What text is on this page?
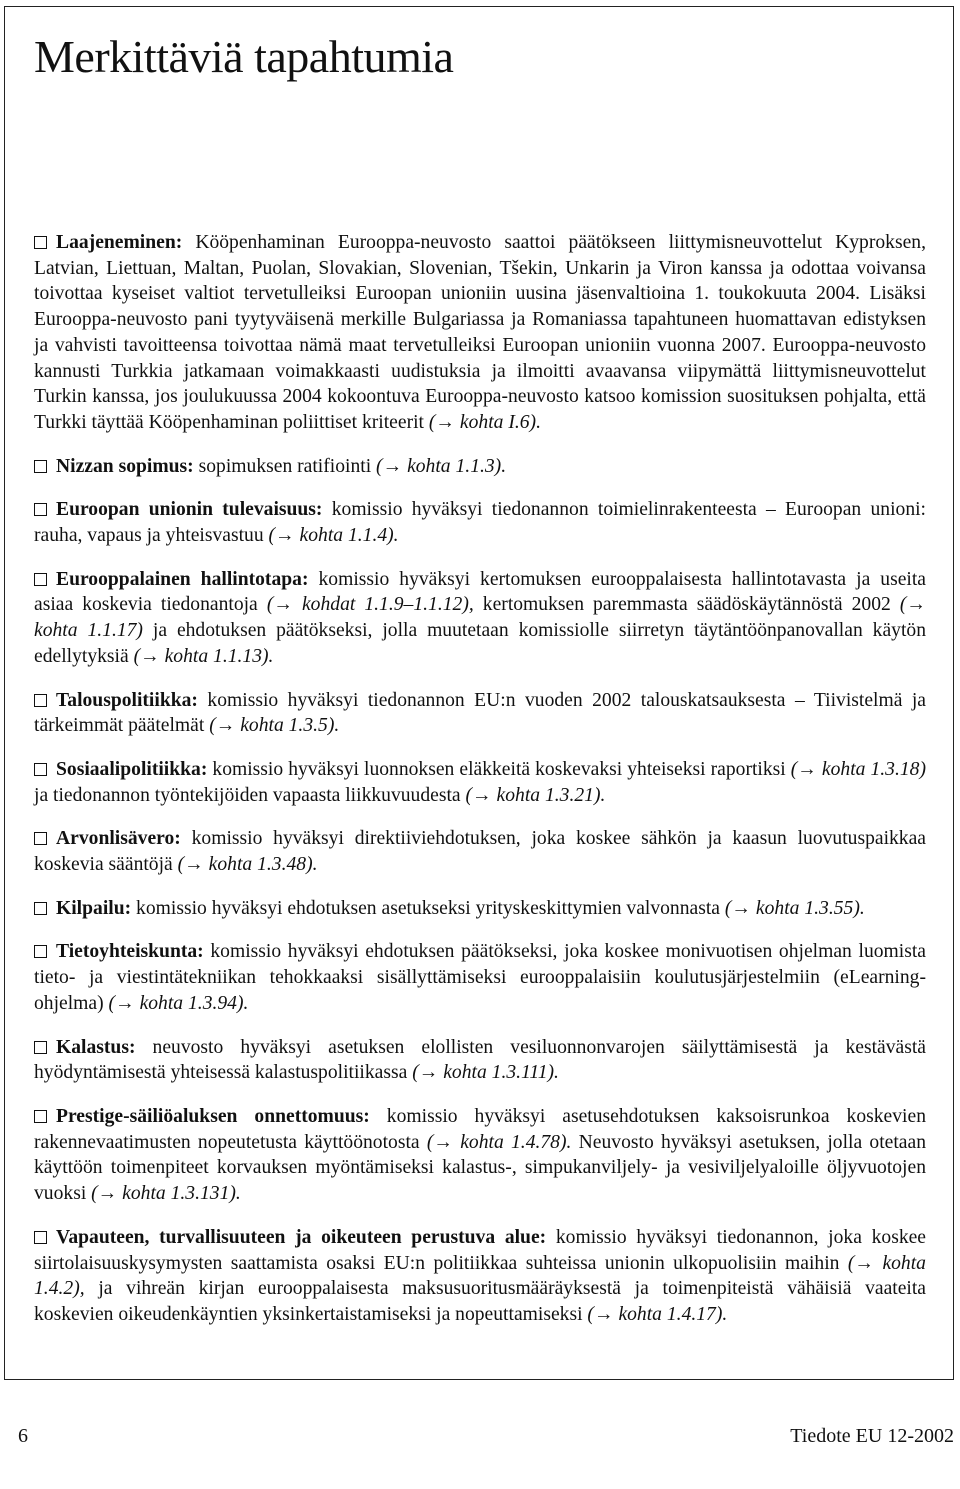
Merkittäviä tapahtumia

Laajeneminen: Kööpenhaminan Eurooppa-neuvosto saattoi päätökseen liittymisneuvottelut Kyproksen, Latvian, Liettuan, Maltan, Puolan, Slovakian, Slovenian, Tšekin, Unkarin ja Viron kanssa ja odottaa voivansa toivottaa kyseiset valtiot tervetulleiksi Euroopan unioniin uusina jäsenvaltioina 1. toukokuuta 2004. Lisäksi Eurooppa-neuvosto pani tyytyväisenä merkille Bulgariassa ja Romaniassa tapahtuneen huomattavan edistyksen ja vahvisti tavoitteensa toivottaa nämä maat tervetulleiksi Euroopan unioniin vuonna 2007. Eurooppa-neuvosto kannusti Turkkia jatkamaan voimakkaasti uudistuksia ja ilmoitti avaavansa viipymättä liittymisneuvottelut Turkin kanssa, jos joulukuussa 2004 kokoontuva Eurooppa-neuvosto katsoo komission suosituksen pohjalta, että Turkki täyttää Kööpenhaminan poliittiset kriteerit (→ kohta I.6).

Nizzan sopimus: sopimuksen ratifiointi (→ kohta 1.1.3).

Euroopan unionin tulevaisuus: komissio hyväksyi tiedonannon toimielinrakenteesta – Euroopan unioni: rauha, vapaus ja yhteisvastuu (→ kohta 1.1.4).

Eurooppalainen hallintotapa: komissio hyväksyi kertomuksen eurooppalaisesta hallintotavasta ja useita asiaa koskevia tiedonantoja (→ kohdat 1.1.9–1.1.12), kertomuksen paremmasta säädöskäytännöstä 2002 (→ kohta 1.1.17) ja ehdotuksen päätökseksi, jolla muutetaan komissiolle siirretyn täytäntöönpanovallan käytön edellytyksiä (→ kohta 1.1.13).

Talouspolitiikka: komissio hyväksyi tiedonannon EU:n vuoden 2002 talouskatsauksesta – Tiivistelmä ja tärkeimmät päätelmät (→ kohta 1.3.5).

Sosiaalipolitiikka: komissio hyväksyi luonnoksen eläkkeitä koskevaksi yhteiseksi raportiksi (→ kohta 1.3.18) ja tiedonannon työntekijöiden vapaasta liikkuvuudesta (→ kohta 1.3.21).

Arvonlisävero: komissio hyväksyi direktiiviehdotuksen, joka koskee sähkön ja kaasun luovutuspaikkaa koskevia sääntöjä (→ kohta 1.3.48).

Kilpailu: komissio hyväksyi ehdotuksen asetukseksi yrityskeskittymien valvonnasta (→ kohta 1.3.55).

Tietoyhteiskunta: komissio hyväksyi ehdotuksen päätökseksi, joka koskee monivuotisen ohjelman luomista tieto- ja viestintätekniikan tehokkaaksi sisällyttämiseksi eurooppalaisiin koulutusjärjestelmiin (eLearning-ohjelma) (→ kohta 1.3.94).

Kalastus: neuvosto hyväksyi asetuksen elollisten vesiluonnonvarojen säilyttämisestä ja kestävästä hyödyntämisestä yhteisessä kalastuspolitiikassa (→ kohta 1.3.111).

Prestige-säiliöaluksen onnettomuus: komissio hyväksyi asetusehdotuksen kaksoisrunkoa koskevien rakennevaatimusten nopeutetusta käyttöönotosta (→ kohta 1.4.78). Neuvosto hyväksyi asetuksen, jolla otetaan käyttöön toimenpiteet korvauksen myöntämiseksi kalastus-, simpukanviljely- ja vesiviljelyaloille öljyvuotojen vuoksi (→ kohta 1.3.131).

Vapauteen, turvallisuuteen ja oikeuteen perustuva alue: komissio hyväksyi tiedonannon, joka koskee siirtolaisuuskysymysten saattamista osaksi EU:n politiikkaa suhteissa unionin ulkopuolisiin maihin (→ kohta 1.4.2), ja vihreän kirjan eurooppalaisesta maksusuoritusmääräyksestä ja toimenpiteistä vähäisiä vaateita koskevien oikeudenkäyntien yksinkertaistamiseksi ja nopeuttamiseksi (→ kohta 1.4.17).

6	Tiedote EU 12-2002
